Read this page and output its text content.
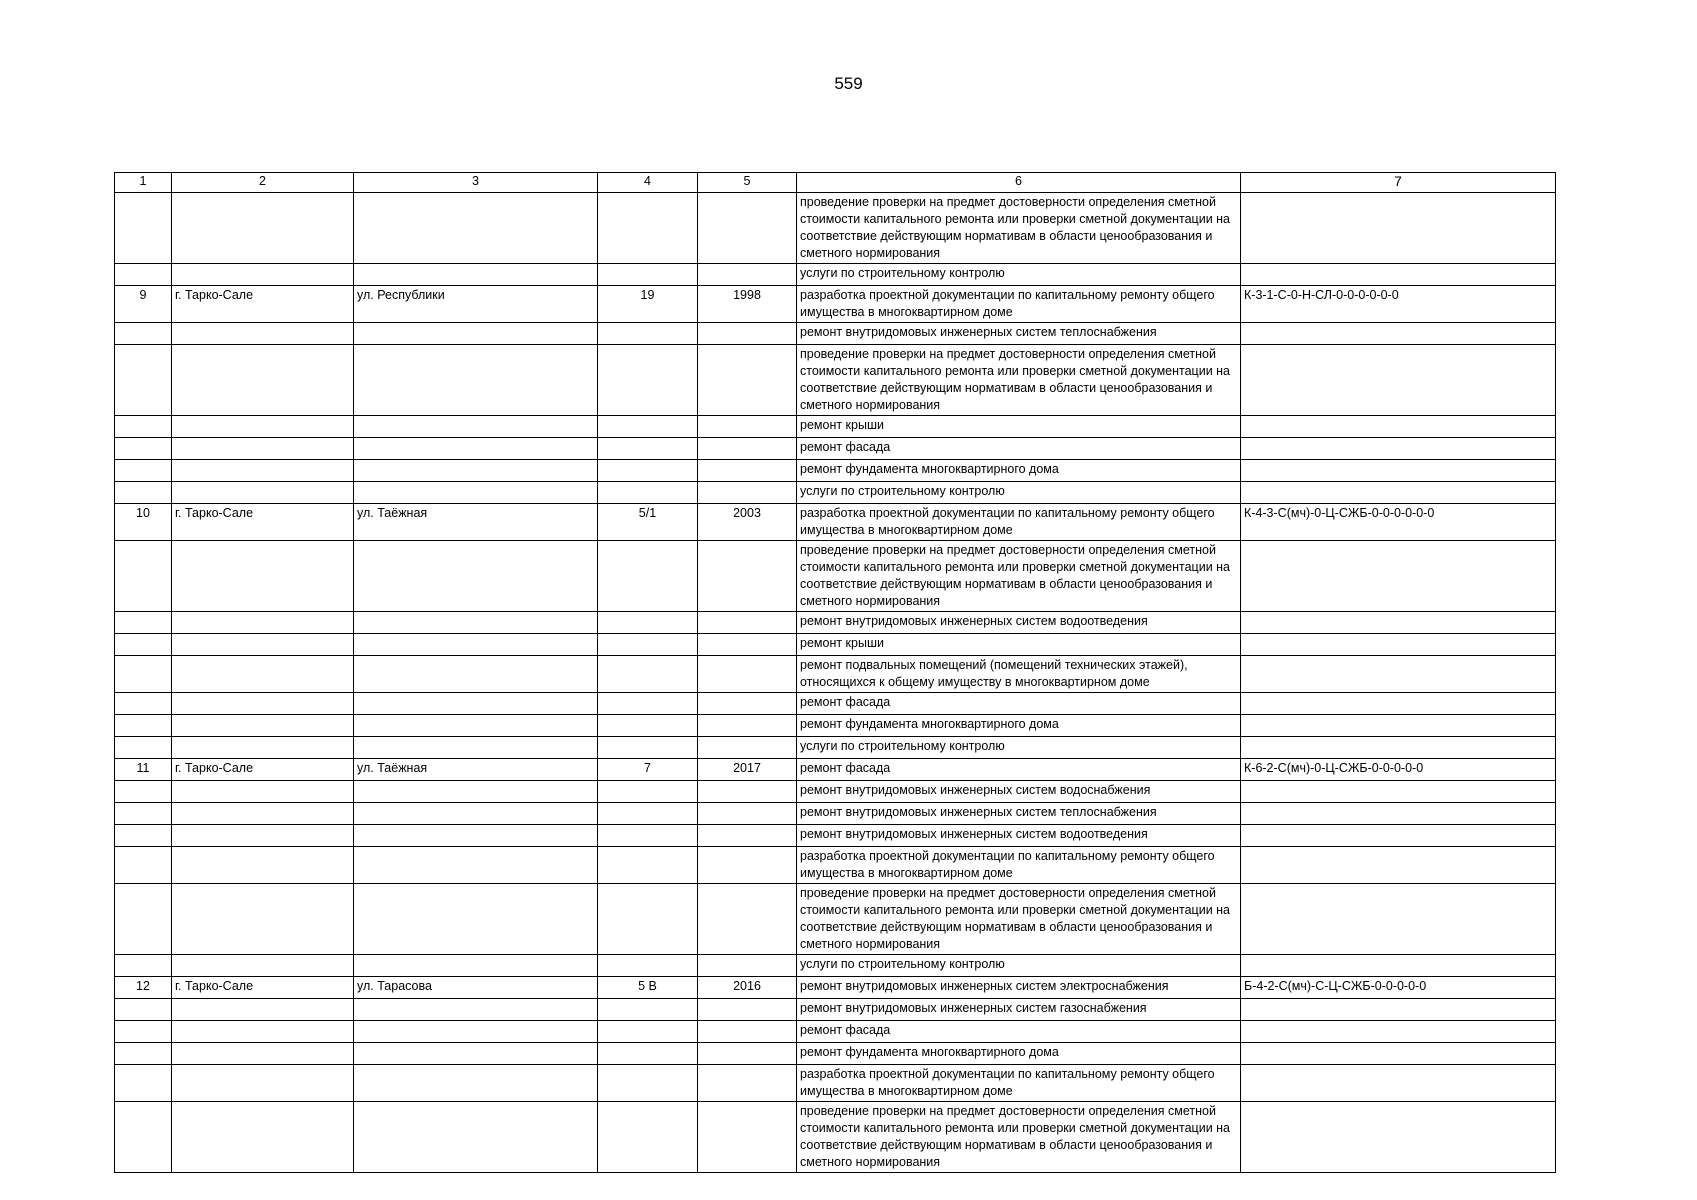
559
1	2	3	4	5	6	7
					проведение проверки на предмет достоверности определения сметной стоимости капитального ремонта или проверки сметной документации на соответствие действующим нормативам в области ценообразования и сметного нормирования	
					услуги по строительному контролю	
9	г. Тарко-Сале	ул. Республики	19	1998	разработка проектной документации по капитальному ремонту общего имущества в многоквартирном доме	К-3-1-С-0-Н-СЛ-0-0-0-0-0-0
					ремонт внутридомовых инженерных систем теплоснабжения	
					проведение проверки на предмет достоверности определения сметной стоимости капитального ремонта или проверки сметной документации на соответствие действующим нормативам в области ценообразования и сметного нормирования	
					ремонт крыши	
					ремонт фасада	
					ремонт фундамента многоквартирного дома	
					услуги по строительному контролю	
10	г. Тарко-Сале	ул. Таёжная	5/1	2003	разработка проектной документации по капитальному ремонту общего имущества в многоквартирном доме	К-4-3-С(мч)-0-Ц-СЖБ-0-0-0-0-0-0
					проведение проверки на предмет достоверности определения сметной стоимости капитального ремонта или проверки сметной документации на соответствие действующим нормативам в области ценообразования и сметного нормирования	
					ремонт внутридомовых инженерных систем водоотведения	
					ремонт крыши	
					ремонт подвальных помещений (помещений технических этажей), относящихся к общему имуществу в многоквартирном доме	
					ремонт фасада	
					ремонт фундамента многоквартирного дома	
					услуги по строительному контролю	
11	г. Тарко-Сале	ул. Таёжная	7	2017	ремонт фасада	К-6-2-С(мч)-0-Ц-СЖБ-0-0-0-0-0
					ремонт внутридомовых инженерных систем водоснабжения	
					ремонт внутридомовых инженерных систем теплоснабжения	
					ремонт внутридомовых инженерных систем водоотведения	
					разработка проектной документации по капитальному ремонту общего имущества в многоквартирном доме	
					проведение проверки на предмет достоверности определения сметной стоимости капитального ремонта или проверки сметной документации на соответствие действующим нормативам в области ценообразования и сметного нормирования	
					услуги по строительному контролю	
12	г. Тарко-Сале	ул. Тарасова	5 В	2016	ремонт внутридомовых инженерных систем электроснабжения	Б-4-2-С(мч)-С-Ц-СЖБ-0-0-0-0-0
					ремонт внутридомовых инженерных систем газоснабжения	
					ремонт фасада	
					ремонт фундамента многоквартирного дома	
					разработка проектной документации по капитальному ремонту общего имущества в многоквартирном доме	
					проведение проверки на предмет достоверности определения сметной стоимости капитального ремонта или проверки сметной документации на соответствие действующим нормативам в области ценообразования и сметного нормирования	
